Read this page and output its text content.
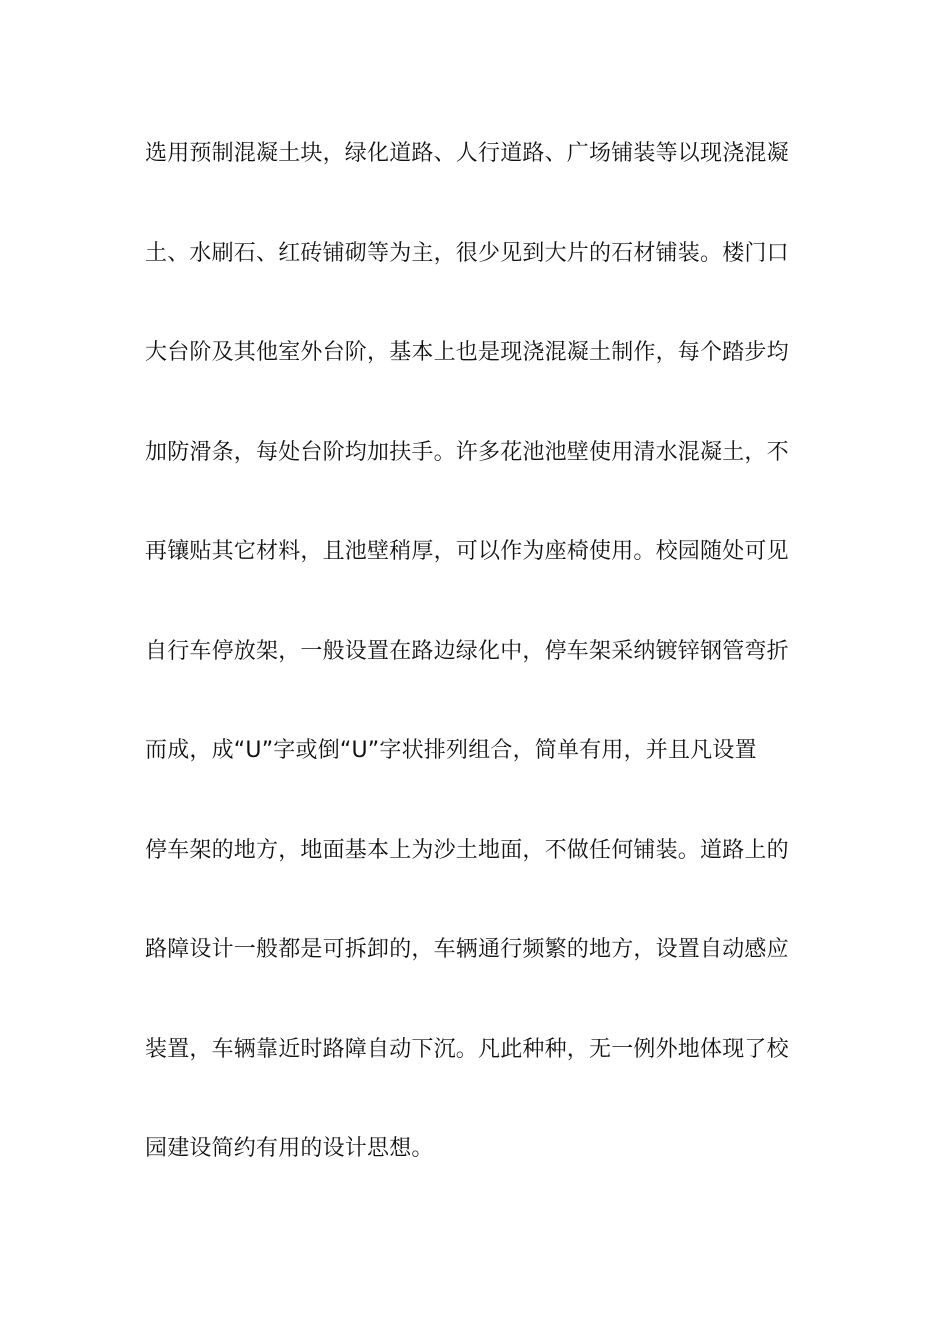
选用预制混凝土块，绿化道路、人行道路、广场铺装等以现浇混凝
土、水刷石、红砖铺砌等为主，很少见到大片的石材铺装。楼门口
大台阶及其他室外台阶，基本上也是现浇混凝土制作，每个踏步均
加防滑条，每处台阶均加扶手。许多花池池壁使用清水混凝土，不
再镶贴其它材料，且池壁稍厚，可以作为座椅使用。校园随处可见
自行车停放架，一般设置在路边绿化中，停车架采纳镀锌钢管弯折
而成，成“U”字或倒“U”字状排列组合，简单有用，并且凡设置
停车架的地方，地面基本上为沙土地面，不做任何铺装。道路上的
路障设计一般都是可拆卸的，车辆通行频繁的地方，设置自动感应
装置，车辆靠近时路障自动下沉。凡此种种，无一例外地体现了校
园建设简约有用的设计思想。
